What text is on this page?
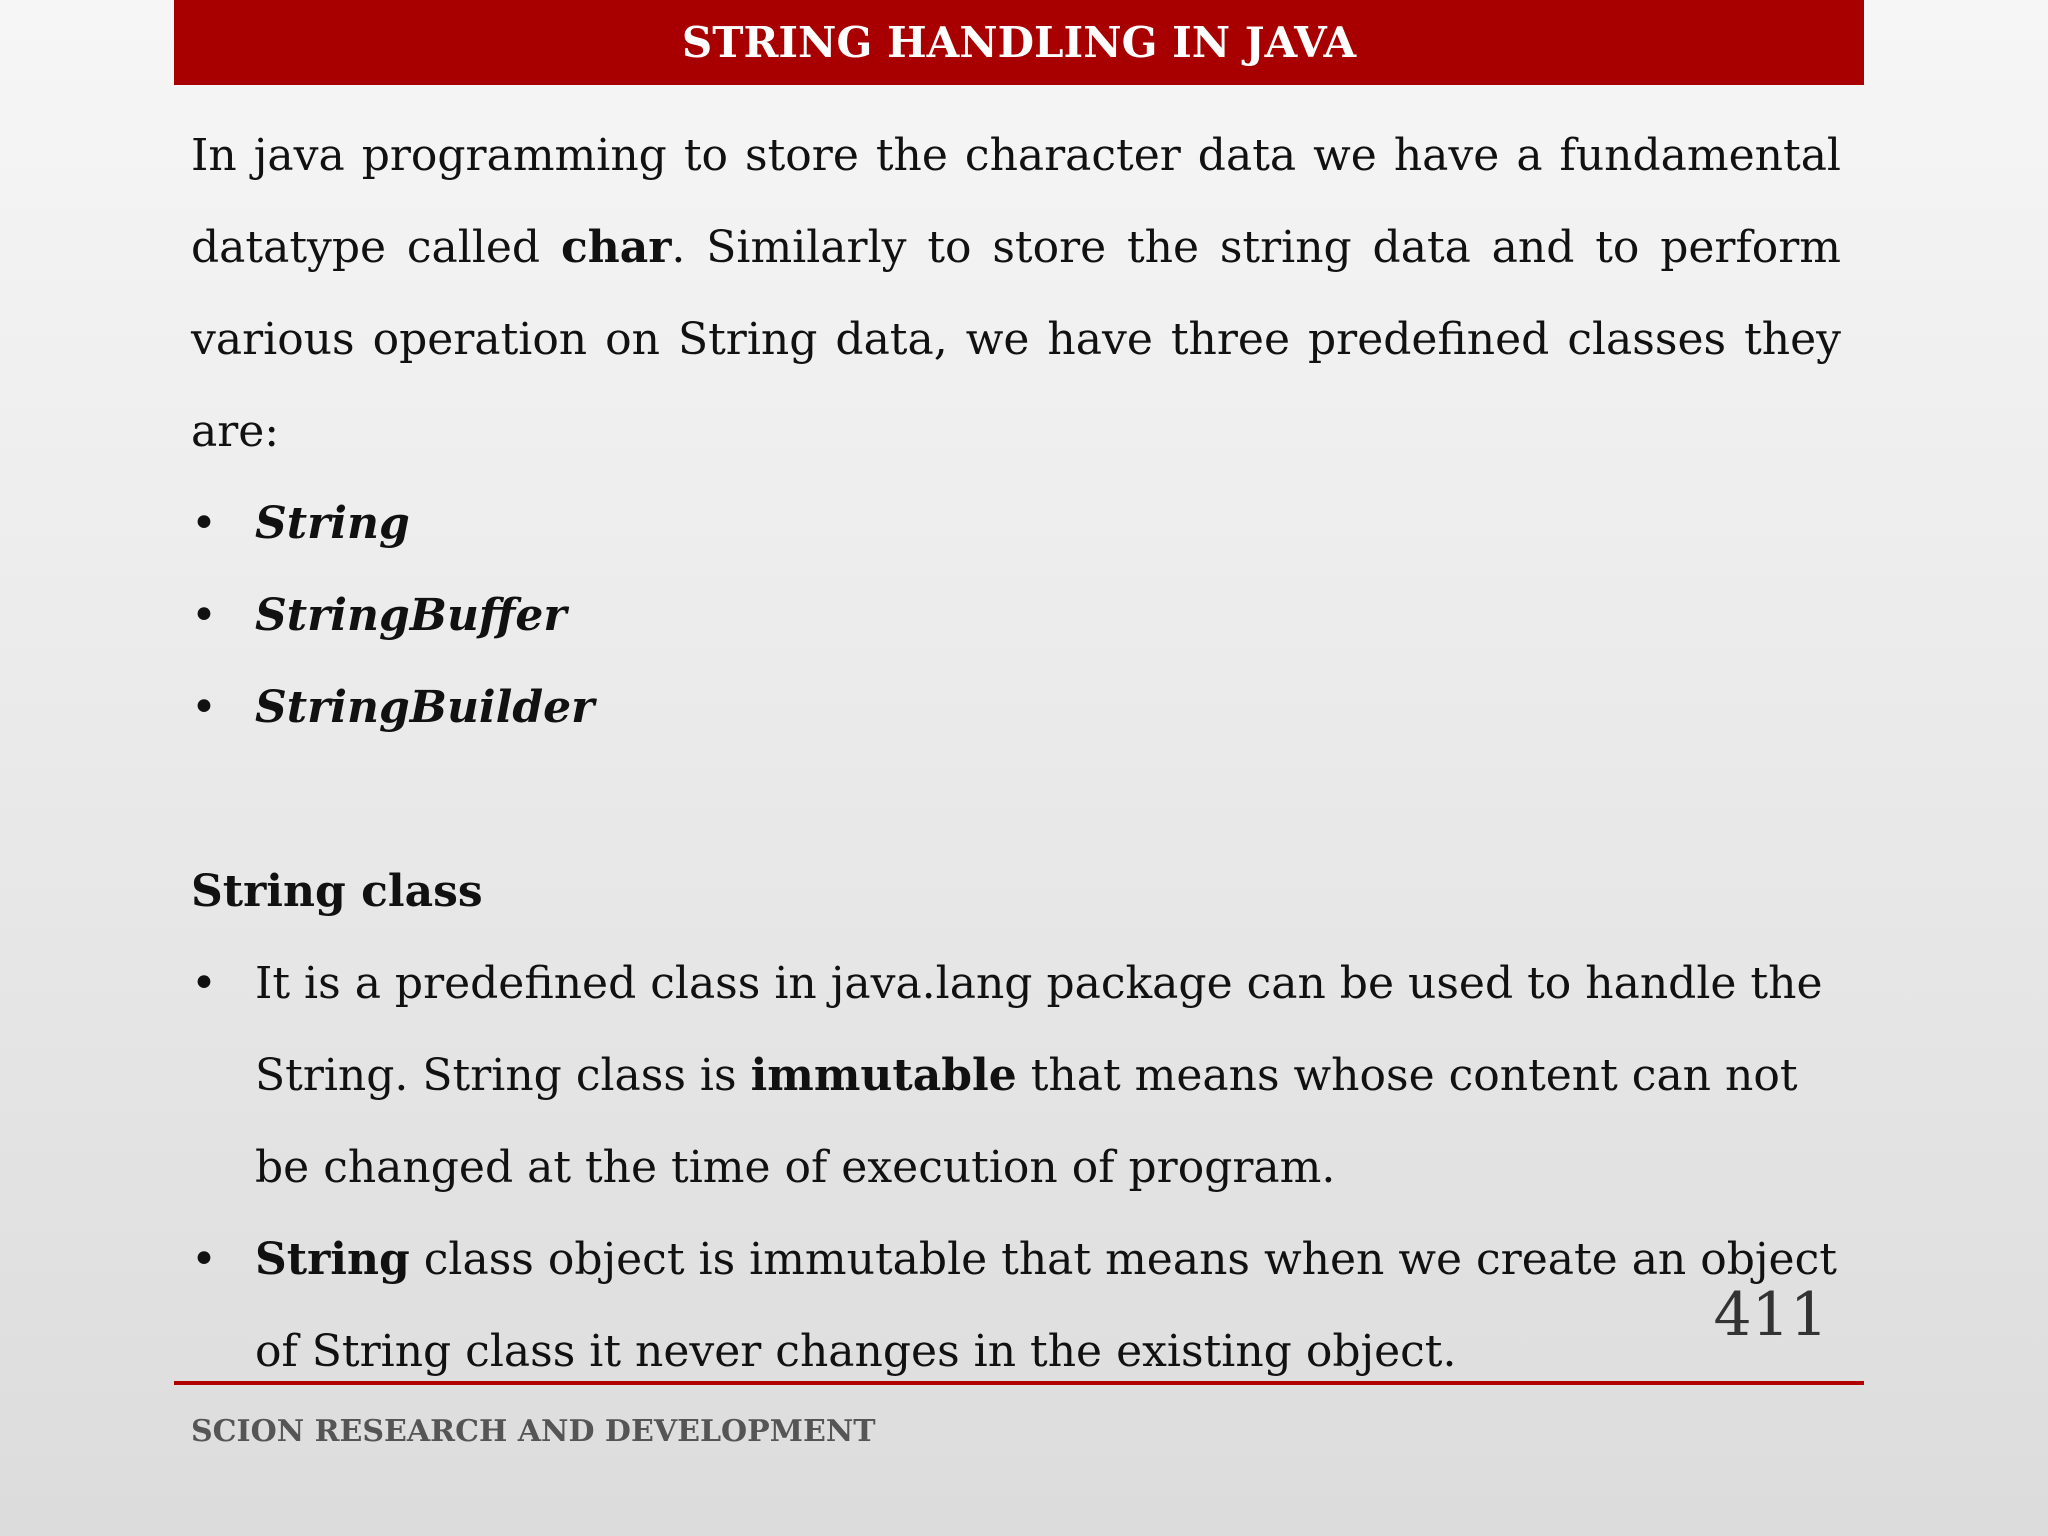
STRING HANDLING IN JAVA

In java programming to store the character data we have a fundamental datatype called char. Similarly to store the string data and to perform various operation on String data, we have three predefined classes they are:

• String
• StringBuffer
• StringBuilder
String class
• It is a predefined class in java.lang package can be used to handle the String. String class is immutable that means whose content can not be changed at the time of execution of program.
• String class object is immutable that means when we create an object of String class it never changes in the existing object.
411
SCION RESEARCH AND DEVELOPMENT
